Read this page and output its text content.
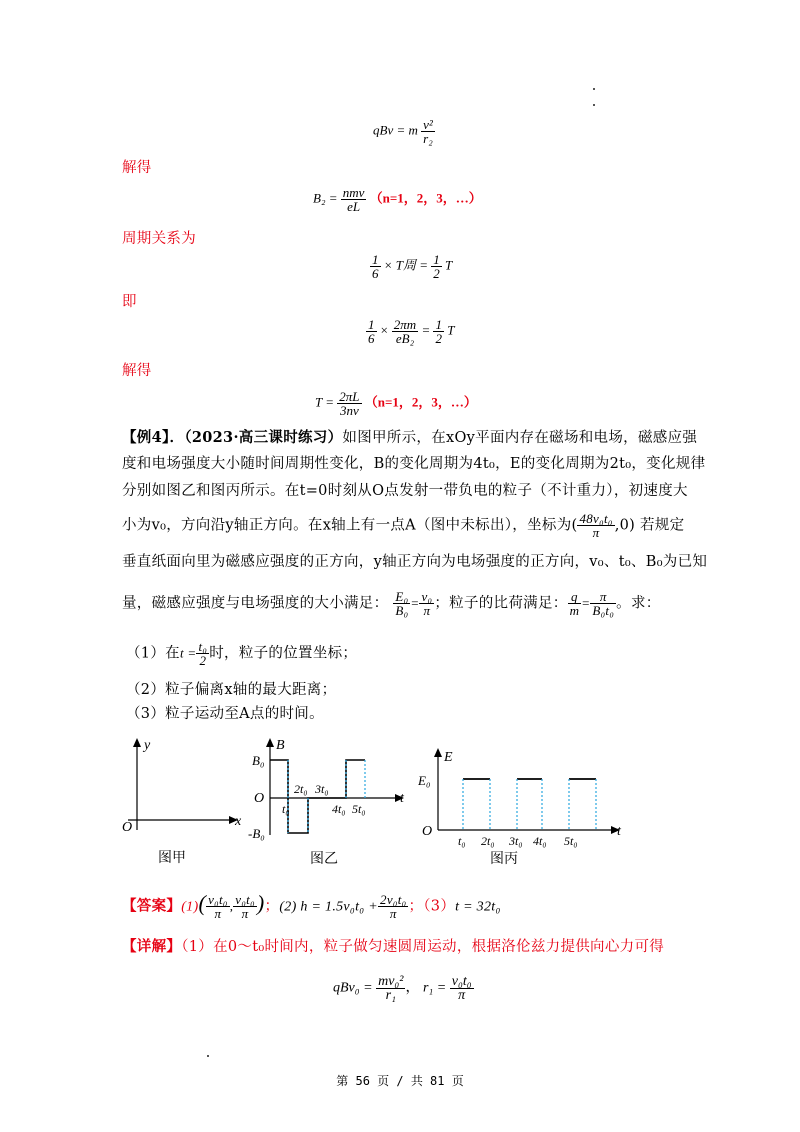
qBv = m $\frac{\text{v²}}{\text{r₂}}$
解得
$B_2 = \frac{\text{nmv}}{eL} (n=1$，2，3，…）
周期关系为
$\frac{1}{6} \times T$周 = $\frac{1}{2}$ T
即
$\frac{1}{6} \times \frac{2\pi m}{\text{eB₂}} = \frac{1}{2}$ T
解得
$T = \frac{2\pi L}{3nv} (n=1$，2，3，…）
【例4】．（2023·高三课时练习）如图甲所示，在xOy平面内存在磁场和电场，磁感应强
度和电场强度大小随时间周期性变化，B的变化周期为4t₀，E的变化周期为2t₀，变化规律
分别如图乙和图丙所示。在t=0时刻从O点发射一带负电的粒子（不计重力），初速度大
小为v₀，方向沿y轴正方向。在x轴上有一点A（图中未标出），坐标为( $\frac{\text{48v₀t₀}}{\pi} ,0$) 若规定
垂直纸面向里为磁感应强度的正方向，y轴正方向为电场强度的正方向，v₀、t₀、B₀为已知
量，磁感应强度与电场强度的大小满足： $\frac{\text{E₀}}{\text{B₀}} = \frac{\text{v₀}}{\pi}$ ；粒子的比荷满足： $\frac{q}{m} = \frac{\pi}{\text{B₀t₀}}$ 。求：
（1）在$t = \frac{\text{t₀}}{2}$ 时，粒子的位置坐标；
（2）粒子偏离x轴的最大距离；
（3）粒子运动至A点的时间。
y
x
O
图甲
B
B₀
O
-B₀
t
t₀
2t₀ 3t₀
4t₀ 5t₀
图乙
E
E₀
O	t
t₀ 2t₀ 3t₀ 4t₀ 5t₀
图丙
【答案】$(1)( \frac{\text{v₀t₀}}{\pi}$ , $\frac{\text{v₀t₀}}{\pi}$ )；(2) $h = 1.5v_0t_0 + \frac{\text{2v₀t₀}}{\pi}$ ；（3）t = 32t₀
【详解】（1）在0～t₀时间内，粒子做匀速圆周运动，根据洛伦兹力提供向心力可得
$qBv_0 = \frac{\text{mv₀²}}{\text{r₁}}$ ， $r_1 = \frac{\text{v₀t₀}}{\pi}$
第 56 页 / 共 81 页
